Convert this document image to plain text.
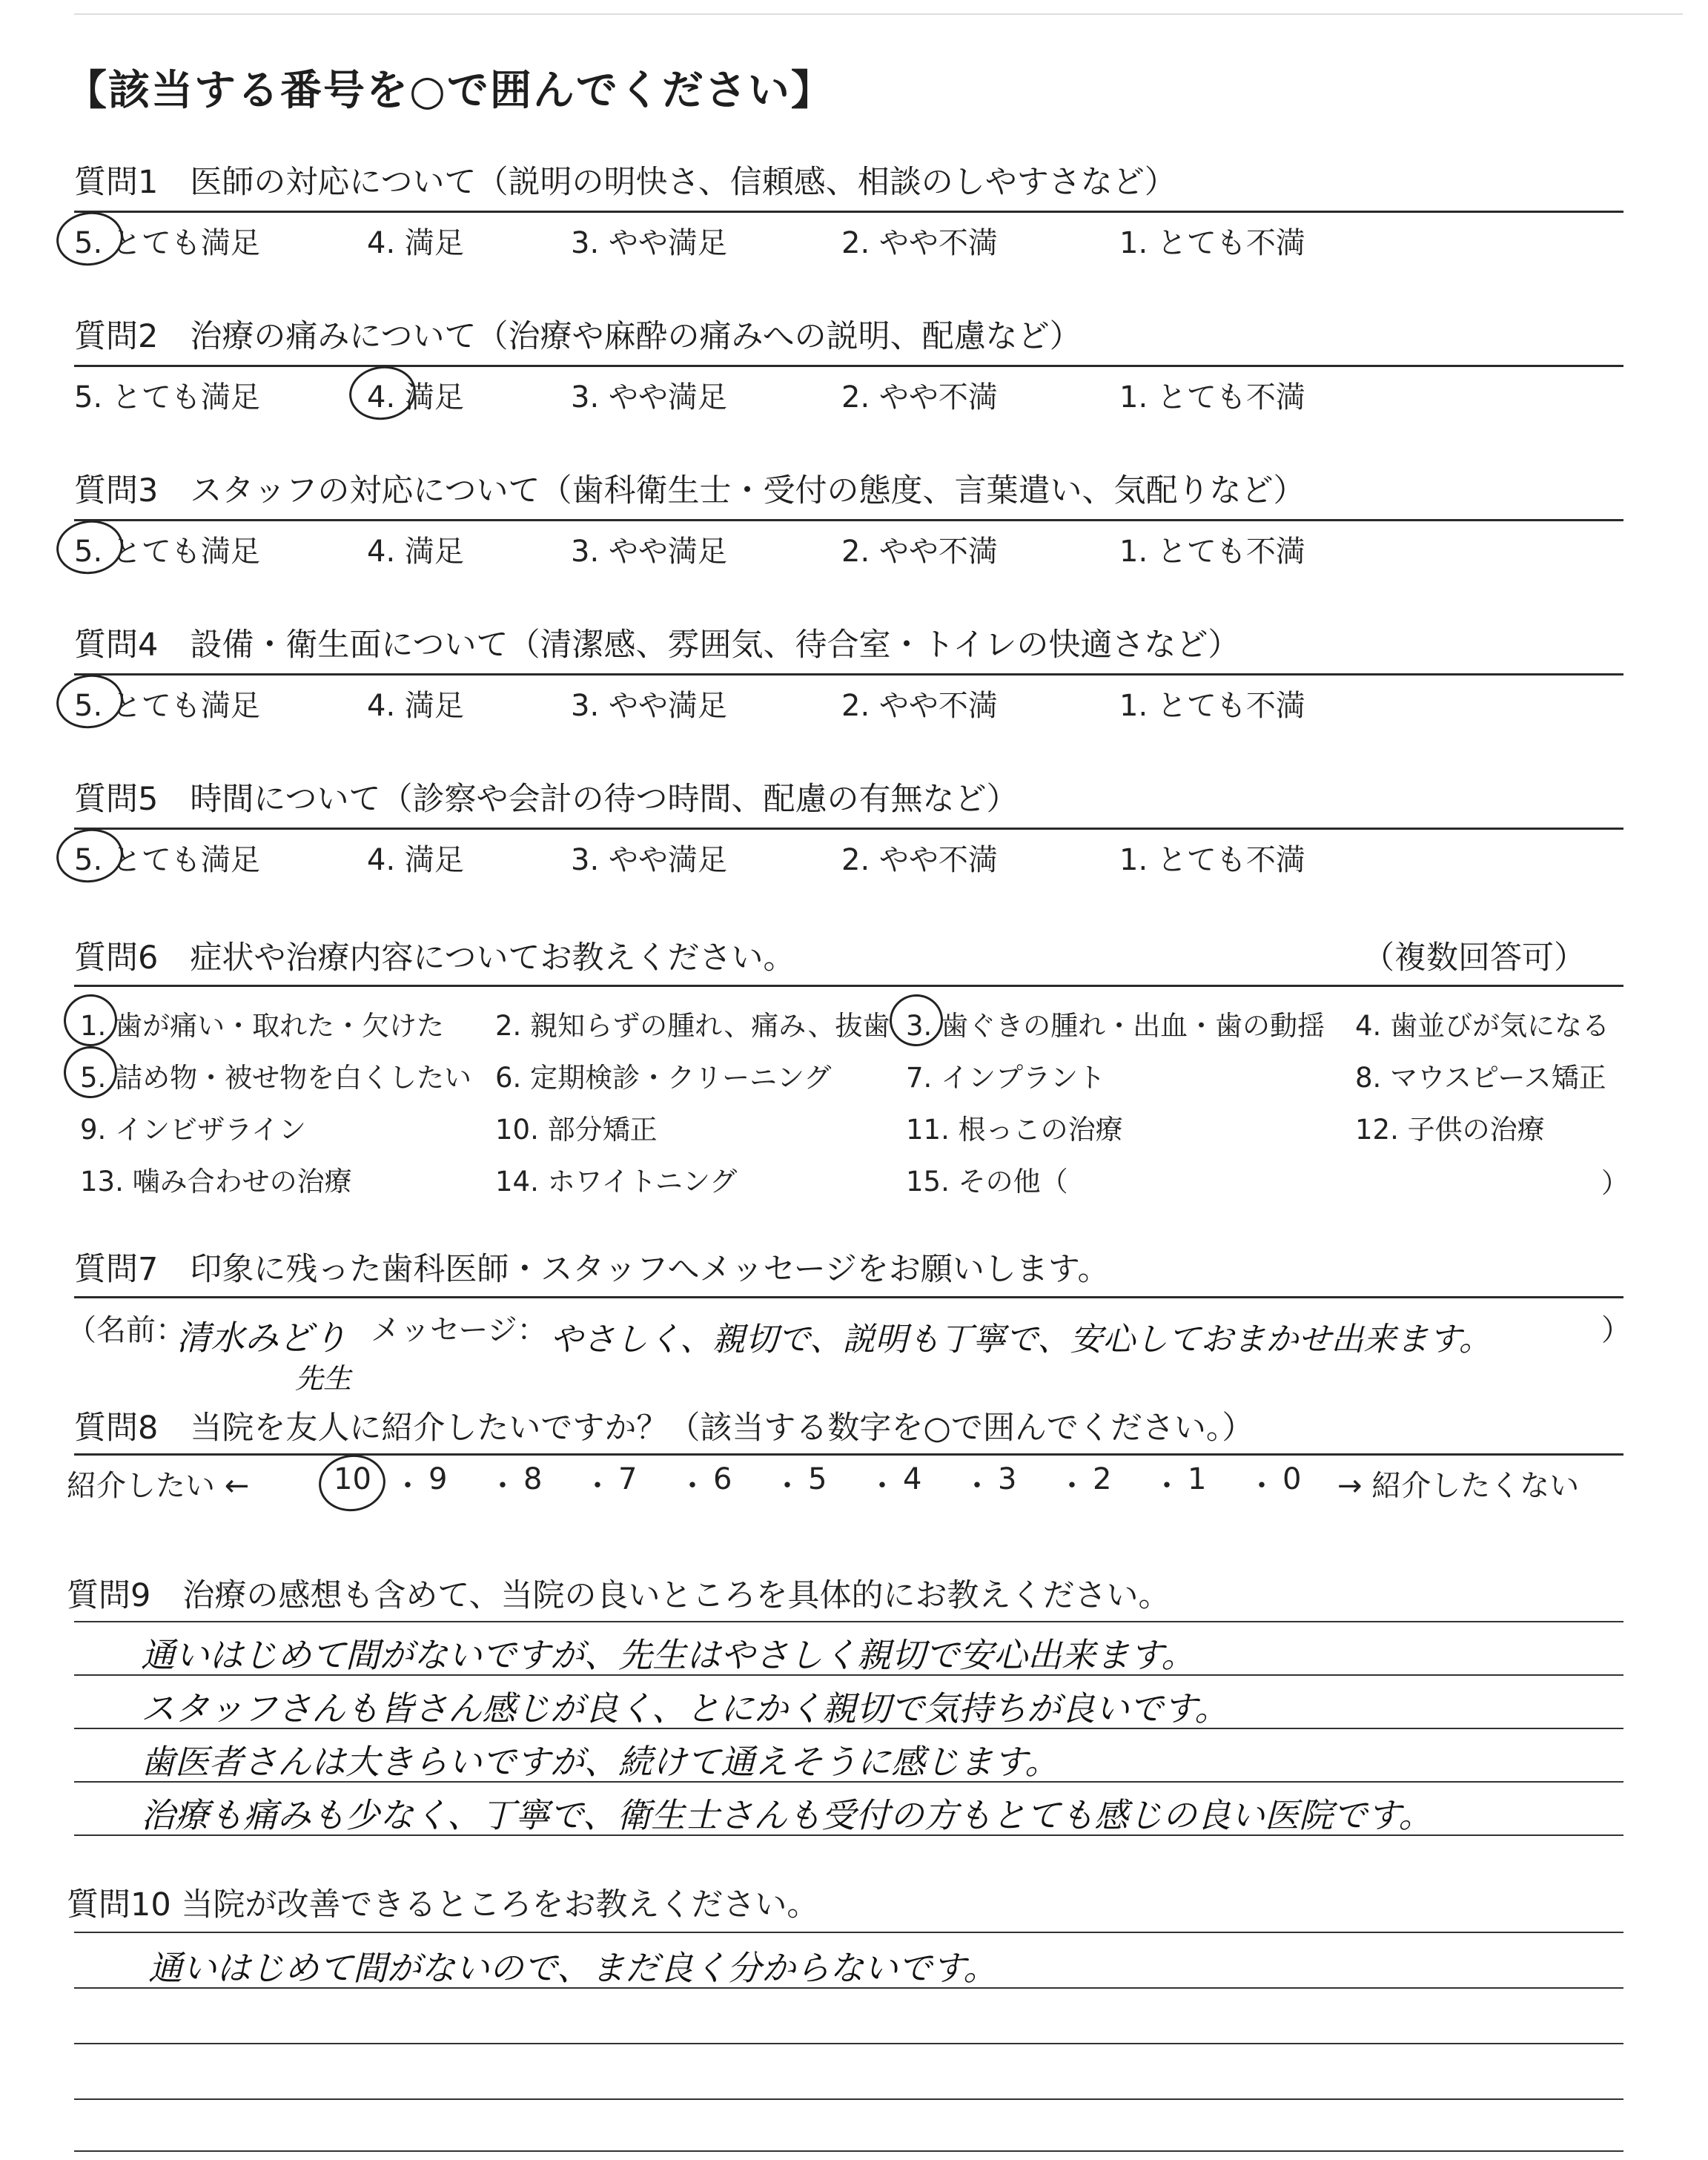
【該当する番号を○で囲んでください】
質問1　医師の対応について（説明の明快さ、信頼感、相談のしやすさなど）
5. とても満足	4. 満足	3. やや満足	2. やや不満	1. とても不満
質問2　治療の痛みについて（治療や麻酔の痛みへの説明、配慮など）
5. とても満足	4. 満足	3. やや満足	2. やや不満	1. とても不満
質問3　スタッフの対応について（歯科衛生士・受付の態度、言葉遣い、気配りなど）
5. とても満足	4. 満足	3. やや満足	2. やや不満	1. とても不満
質問4　設備・衛生面について（清潔感、雰囲気、待合室・トイレの快適さなど）
5. とても満足	4. 満足	3. やや満足	2. やや不満	1. とても不満
質問5　時間について（診察や会計の待つ時間、配慮の有無など）
5. とても満足	4. 満足	3. やや満足	2. やや不満	1. とても不満
質問6　症状や治療内容についてお教えください。	（複数回答可）
1. 歯が痛い・取れた・欠けた 2. 親知らずの腫れ、痛み、抜歯 3. 歯ぐきの腫れ・出血・歯の動揺 4. 歯並びが気になる
5. 詰め物・被せ物を白くしたい 6. 定期検診・クリーニング	7. インプラント	8. マウスピース矯正
9. インビザライン	10. 部分矯正	11. 根っこの治療	12. 子供の治療
13. 噛み合わせの治療	14. ホワイトニング	15. その他（	）
質問7　印象に残った歯科医師・スタッフへメッセージをお願いします。
（名前：
清水みどり
先生
メッセージ： やさしく、親切で、説明も丁寧で、安心しておまかせ出来ます。	）
質問8　当院を友人に紹介したいですか？（該当する数字を○で囲んでください。）
紹介したい ←	10 ・ 9 ・ 8 ・ 7 ・ 6 ・ 5 ・ 4 ・ 3 ・ 2 ・ 1 ・ 0 → 紹介したくない
質問9　治療の感想も含めて、当院の良いところを具体的にお教えください。
通いはじめて間がないですが、先生はやさしく親切で安心出来ます。
スタッフさんも皆さん感じが良く、とにかく親切で気持ちが良いです。
歯医者さんは大きらいですが、続けて通えそうに感じます。
治療も痛みも少なく、丁寧で、衛生士さんも受付の方もとても感じの良い医院です。
質問10 当院が改善できるところをお教えください。
通いはじめて間がないので、まだ良く分からないです。
